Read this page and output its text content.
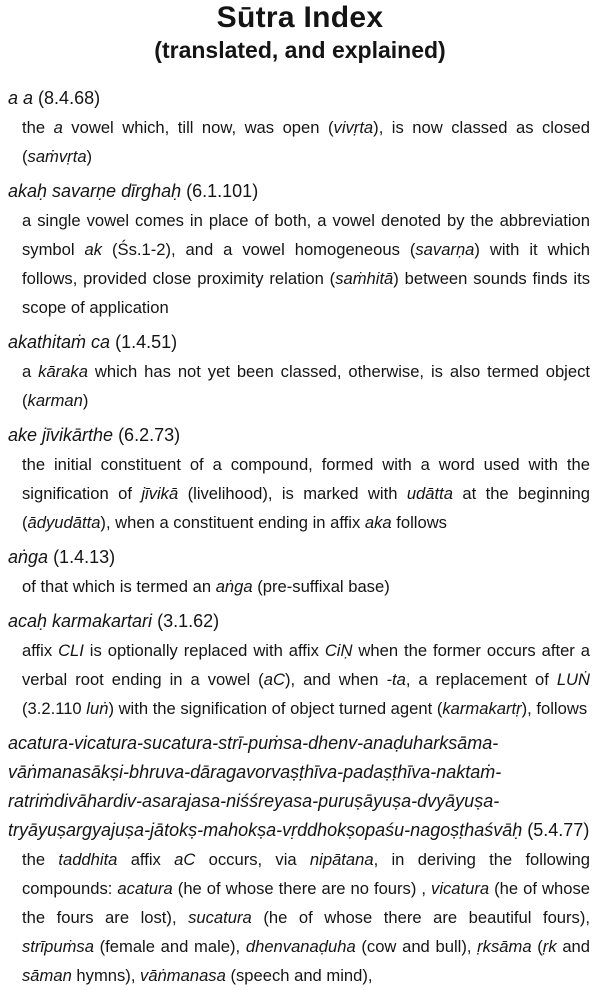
Sūtra Index
(translated, and explained)
a a (8.4.68)
the a vowel which, till now, was open (vivṛta), is now classed as closed (saṁvṛta)
akaḥ savarṇe dīrghaḥ (6.1.101)
a single vowel comes in place of both, a vowel denoted by the abbreviation symbol ak (Śs.1-2), and a vowel homogeneous (savarṇa) with it which follows, provided close proximity relation (saṁhitā) between sounds finds its scope of application
akathitaṁ ca (1.4.51)
a kāraka which has not yet been classed, otherwise, is also termed object (karman)
ake jīvikārthe (6.2.73)
the initial constituent of a compound, formed with a word used with the signification of jīvikā (livelihood), is marked with udātta at the beginning (ādyudātta), when a constituent ending in affix aka follows
aṅga (1.4.13)
of that which is termed an aṅga (pre-suffixal base)
acaḥ karmakartari (3.1.62)
affix CLI is optionally replaced with affix CiṆ when the former occurs after a verbal root ending in a vowel (aC), and when -ta, a replacement of LUṄ (3.2.110 luṅ) with the signification of object turned agent (karmakartṛ), follows
acatura-vicatura-sucatura-strī-puṁsa-dhenv-anaḍuharksāma-vāṅmanasākṣi-bhruva-dāragavorvaṣṭhīva-padaṣṭhīva-naktaṁ-ratriṁdivāhardiv-asarajasa-niśśreyasa-puruṣāyuṣa-dvyāyuṣa-tryāyuṣargyajuṣa-jātokṣ-mahokṣa-vṛddhokṣopaśu-nagoṣṭhaśvāḥ (5.4.77)
the taddhita affix aC occurs, via nipātana, in deriving the following compounds: acatura (he of whose there are no fours) , vicatura (he of whose the fours are lost), sucatura (he of whose there are beautiful fours), strīpuṁsa (female and male), dhenvanaḍuha (cow and bull), ṛksāma (ṛk and sāman hymns), vāṅmanasa (speech and mind),
